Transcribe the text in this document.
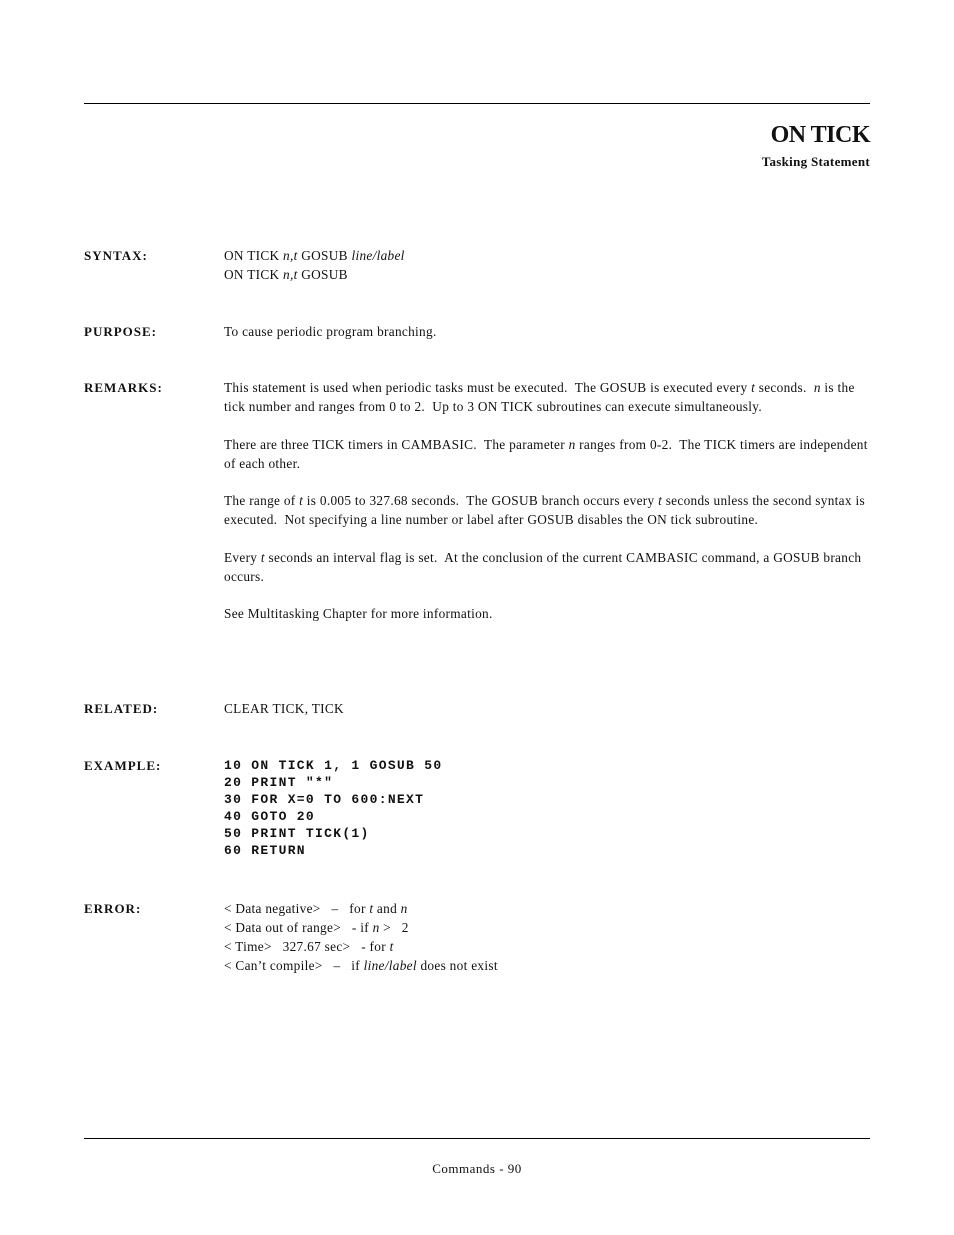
ON TICK
Tasking Statement
SYNTAX:	ON TICK n,t GOSUB line/label

ON TICK n,t GOSUB

PURPOSE:	To cause periodic program branching.

REMARKS:	This statement is used when periodic tasks must be executed.  The GOSUB is executed every t seconds.  n is the tick number and ranges from 0 to 2.  Up to 3 ON TICK subroutines can execute simultaneously.

There are three TICK timers in CAMBASIC.  The parameter n ranges from 0-2.  The TICK timers are independent of each other.

The range of t is 0.005 to 327.68 seconds.  The GOSUB branch occurs every t seconds unless the second syntax is executed.  Not specifying a line number or label after GOSUB disables the ON tick subroutine.

Every t seconds an interval flag is set.  At the conclusion of the current CAMBASIC command, a GOSUB branch occurs.

See Multitasking Chapter for more information.

RELATED:	CLEAR TICK, TICK

EXAMPLE:	10 ON TICK 1, 1 GOSUB 50
20 PRINT "*"
30 FOR X=0 TO 600:NEXT
40 GOTO 20
50 PRINT TICK(1)
60 RETURN
ERROR:	< Data negative>   –   for t and n

< Data out of range>   - if n >   2

< Time>   327.67 sec>   - for t

< Can’t compile>   –   if line/label does not exist

Commands - 90
